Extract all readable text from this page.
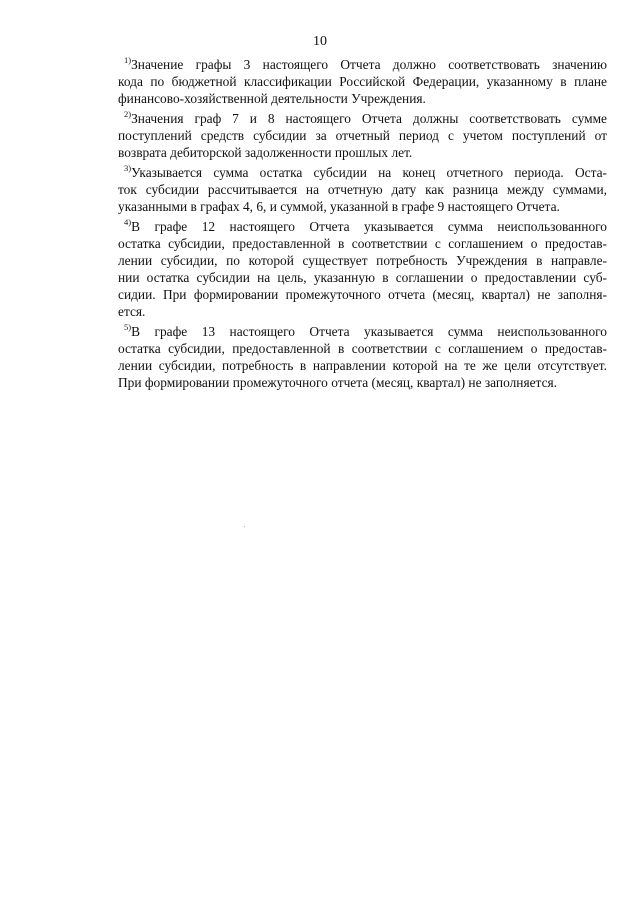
10

$^{1)}$Значение графы 3 настоящего Отчета должно соответствовать значению
кода по бюджетной классификации Российской Федерации, указанному в плане
финансово-хозяйственной деятельности Учреждения.

$^{2)}$Значения граф 7 и 8 настоящего Отчета должны соответствовать сумме
поступлений средств субсидии за отчетный период с учетом поступлений от
возврата дебиторской задолженности прошлых лет.

$^{3)}$Указывается сумма остатка субсидии на конец отчетного периода. Оста-
ток субсидии рассчитывается на отчетную дату как разница между суммами,
указанными в графах 4, 6, и суммой, указанной в графе 9 настоящего Отчета.

$^{4)}$В графе 12 настоящего Отчета указывается сумма неиспользованного
остатка субсидии, предоставленной в соответствии с соглашением о предостав-
лении субсидии, по которой существует потребность Учреждения в направле-
нии остатка субсидии на цель, указанную в соглашении о предоставлении суб-
сидии. При формировании промежуточного отчета (месяц, квартал) не заполня-
ется.

$^{5)}$В графе 13 настоящего Отчета указывается сумма неиспользованного
остатка субсидии, предоставленной в соответствии с соглашением о предостав-
лении субсидии, потребность в направлении которой на те же цели отсутствует.
При формировании промежуточного отчета (месяц, квартал) не заполняется.
